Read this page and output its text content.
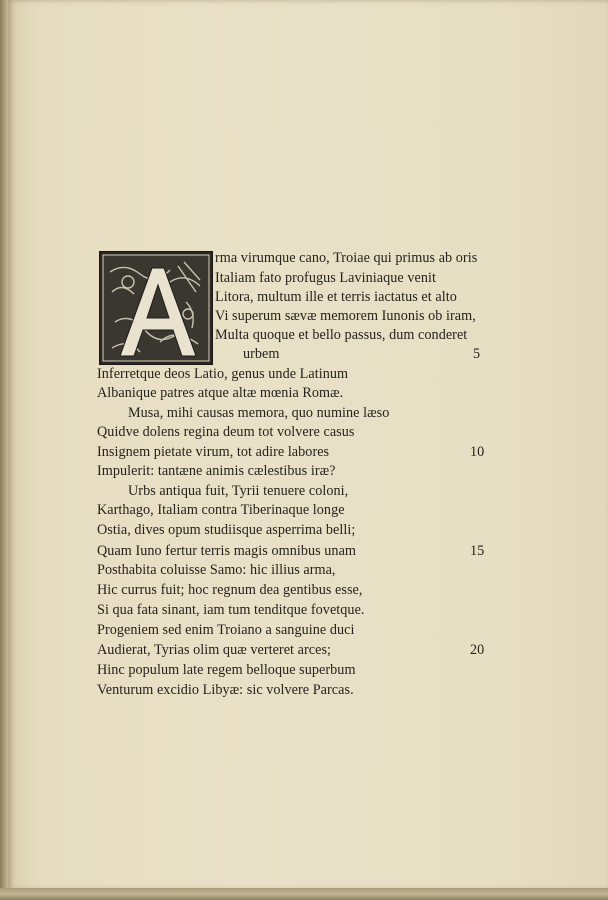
rma virumque cano, Troiae qui primus ab oris
Italiam fato profugus Laviniaque venit
Litora, multum ille et terris iactatus et alto
Vi superum sævæ memorem Iunonis ob iram,
Multa quoque et bello passus, dum conderet
urbem	5
Inferretque deos Latio, genus unde Latinum
Albanique patres atque altæ mœnia Romæ.
Musa, mihi causas memora, quo numine læso
Quidve dolens regina deum tot volvere casus
Insignem pietate virum, tot adire labores	10
Impulerit: tantæne animis cælestibus iræ?
Urbs antiqua fuit, Tyrii tenuere coloni,
Karthago, Italiam contra Tiberinaque longe
Ostia, dives opum studiisque asperrima belli;
Quam Iuno fertur terris magis omnibus unam	15
Posthabita coluisse Samo: hic illius arma,
Hic currus fuit; hoc regnum dea gentibus esse,
Si qua fata sinant, iam tum tenditque fovetque.
Progeniem sed enim Troiano a sanguine duci
Audierat, Tyrias olim quæ verteret arces;	20
Hinc populum late regem belloque superbum
Venturum excidio Libyæ: sic volvere Parcas.
